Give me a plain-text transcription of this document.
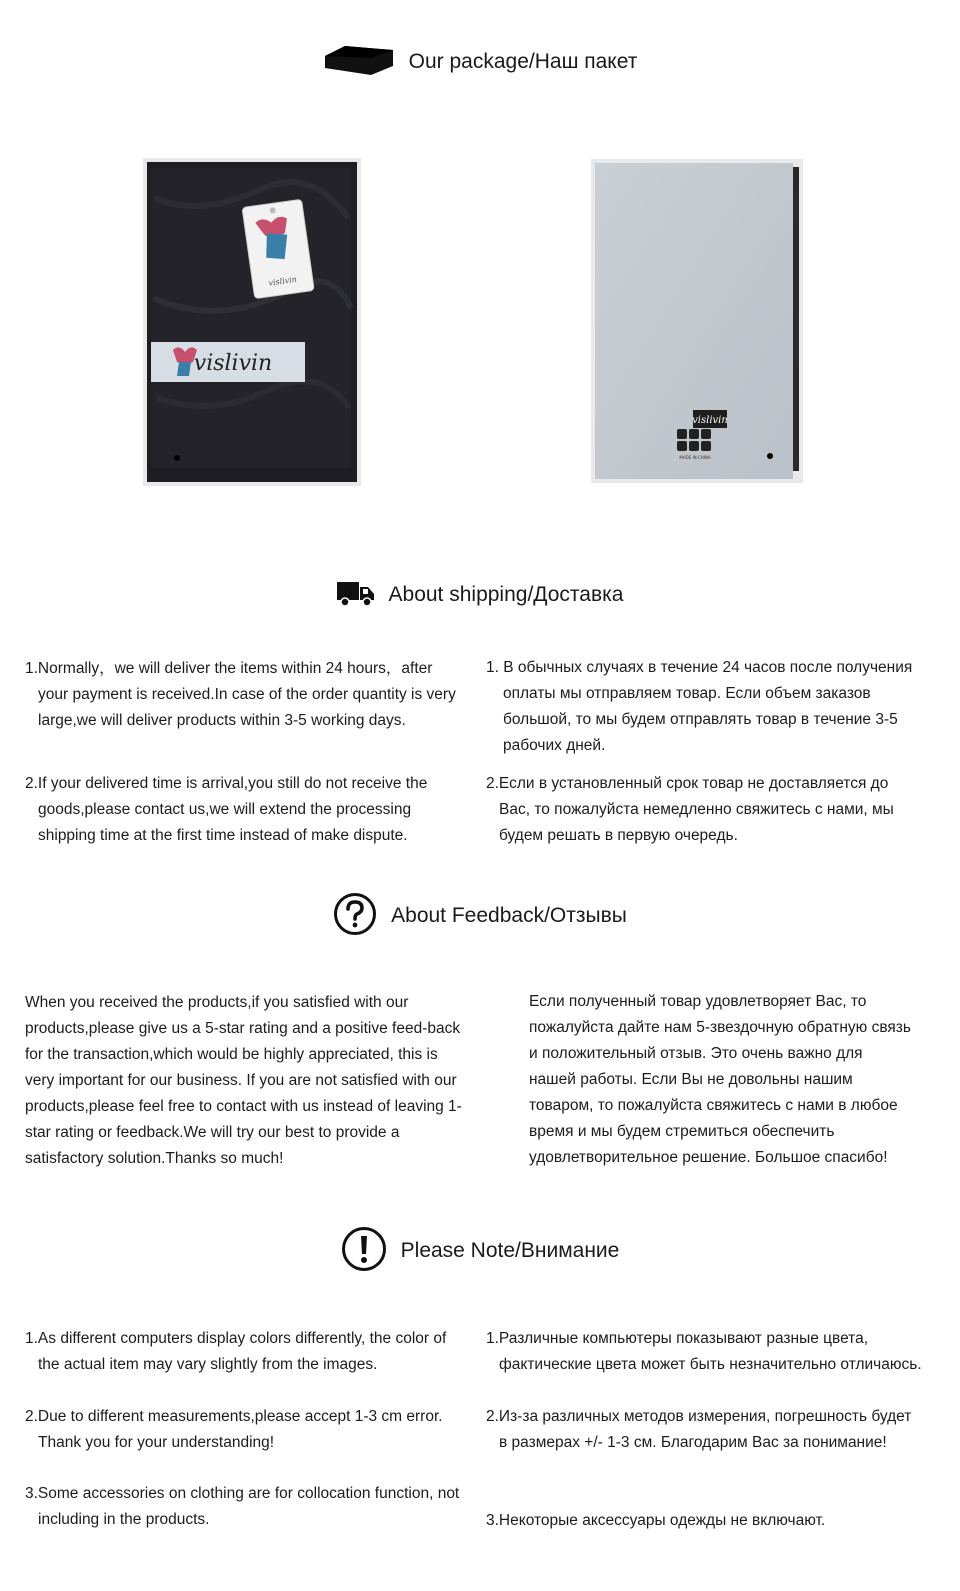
Our package/Наш пакет
vislivin
vislivin
vislivin
MADE IN CHINA
About shipping/Доставка
1.Normally，we will deliver the items within 24 hours，after your payment is received.In case of the order quantity is very large,we will deliver products within 3-5 working days.
2.If your delivered time is arrival,you still do not receive the goods,please contact us,we will extend the processing shipping time at the first time instead of make dispute.
1. В обычных случаях в течение 24 часов после получения оплаты мы отправляем товар. Если объем заказов большой, то мы будем отправлять товар в течение 3-5 рабочих дней.
2.Если в установленный срок товар не доставляется до Вас, то пожалуйста немедленно свяжитесь с нами, мы будем решать в первую очередь.
About Feedback/Отзывы

When you received the products,if you satisfied with our products,please give us a 5-star rating and a positive feed-back for the transaction,which would be highly appreciated, this is very important for our business. If you are not satisfied with our products,please feel free to contact with us instead of leaving 1- star rating or feedback.We will try our best to provide a satisfactory solution.Thanks so much!

Если полученный товар удовлетворяет Вас, то пожалуйста дайте нам 5-звездочную обратную связь и положительный отзыв. Это очень важно для нашей работы. Если Вы не довольны нашим товаром, то пожалуйста свяжитесь с нами в любое время и мы будем стремиться обеспечить удовлетворительное решение. Большое спасибо!

Please Note/Внимание
1.As different computers display colors differently, the color of the actual item may vary slightly from the images.
2.Due to different measurements,please accept 1-3 cm error. Thank you for your understanding!
3.Some accessories on clothing are for collocation function, not including in the products.
1.Различные компьютеры показывают разные цвета, фактические цвета может быть незначительно отличаюсь.
2.Из-за различных методов измерения, погрешность будет в размерах +/- 1-3 см. Благодарим Вас за понимание!
3.Некоторые аксессуары одежды не включают.
